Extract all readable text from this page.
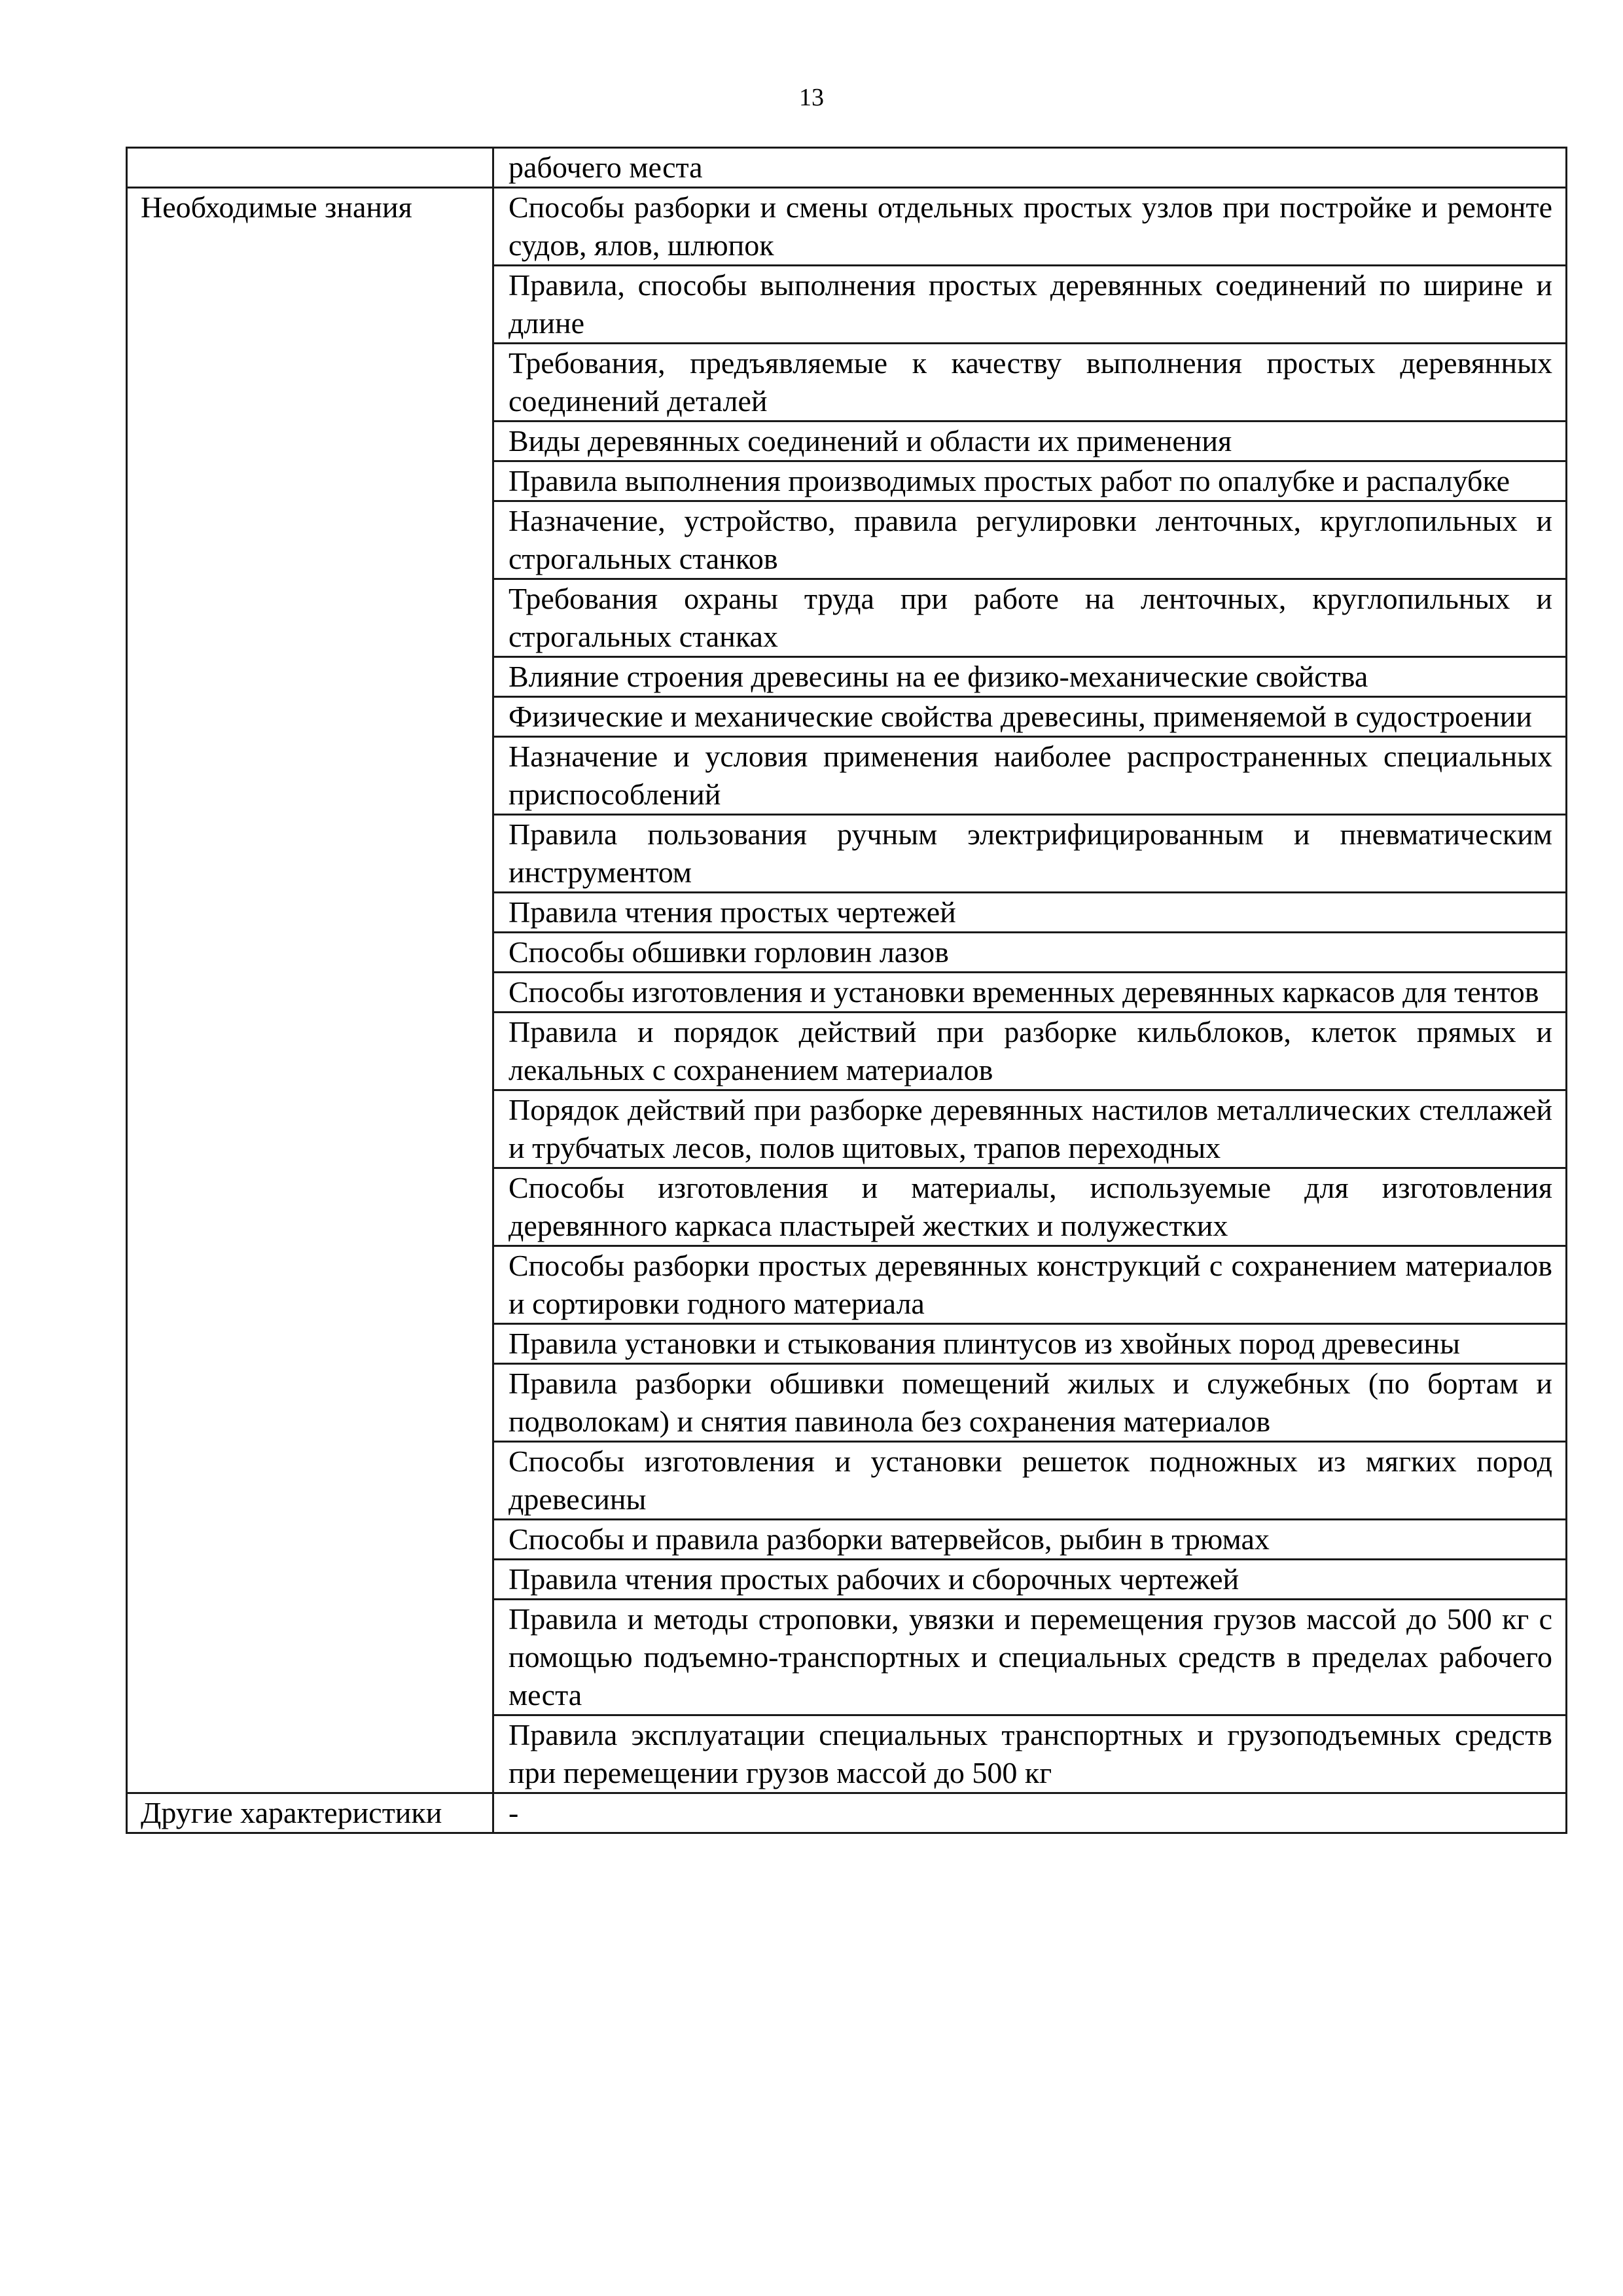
13
	рабочего места
Необходимые знания	Способы разборки и смены отдельных простых узлов при постройке и ремонте судов, ялов, шлюпок
	Правила, способы выполнения простых деревянных соединений по ширине и длине
	Требования, предъявляемые к качеству выполнения простых деревянных соединений деталей
	Виды деревянных соединений и области их применения
	Правила выполнения производимых простых работ по опалубке и распалубке
	Назначение, устройство, правила регулировки ленточных, круглопильных и строгальных станков
	Требования охраны труда при работе на ленточных, круглопильных и строгальных станках
	Влияние строения древесины на ее физико-механические свойства
	Физические и механические свойства древесины, применяемой в судостроении
	Назначение и условия применения наиболее распространенных специальных приспособлений
	Правила пользования ручным электрифицированным и пневматическим инструментом
	Правила чтения простых чертежей
	Способы обшивки горловин лазов
	Способы изготовления и установки временных деревянных каркасов для тентов
	Правила и порядок действий при разборке кильблоков, клеток прямых и лекальных с сохранением материалов
	Порядок действий при разборке деревянных настилов металлических стеллажей и трубчатых лесов, полов щитовых, трапов переходных
	Способы изготовления и материалы, используемые для изготовления деревянного каркаса пластырей жестких и полужестких
	Способы разборки простых деревянных конструкций с сохранением материалов и сортировки годного материала
	Правила установки и стыкования плинтусов из хвойных пород древесины
	Правила разборки обшивки помещений жилых и служебных (по бортам и подволокам) и снятия павинола без сохранения материалов
	Способы изготовления и установки решеток подножных из мягких пород древесины
	Способы и правила разборки ватервейсов, рыбин в трюмах
	Правила чтения простых рабочих и сборочных чертежей
	Правила и методы строповки, увязки и перемещения грузов массой до 500 кг с помощью подъемно-транспортных и специальных средств в пределах рабочего места
	Правила эксплуатации специальных транспортных и грузоподъемных средств при перемещении грузов массой до 500 кг
Другие характеристики	-
